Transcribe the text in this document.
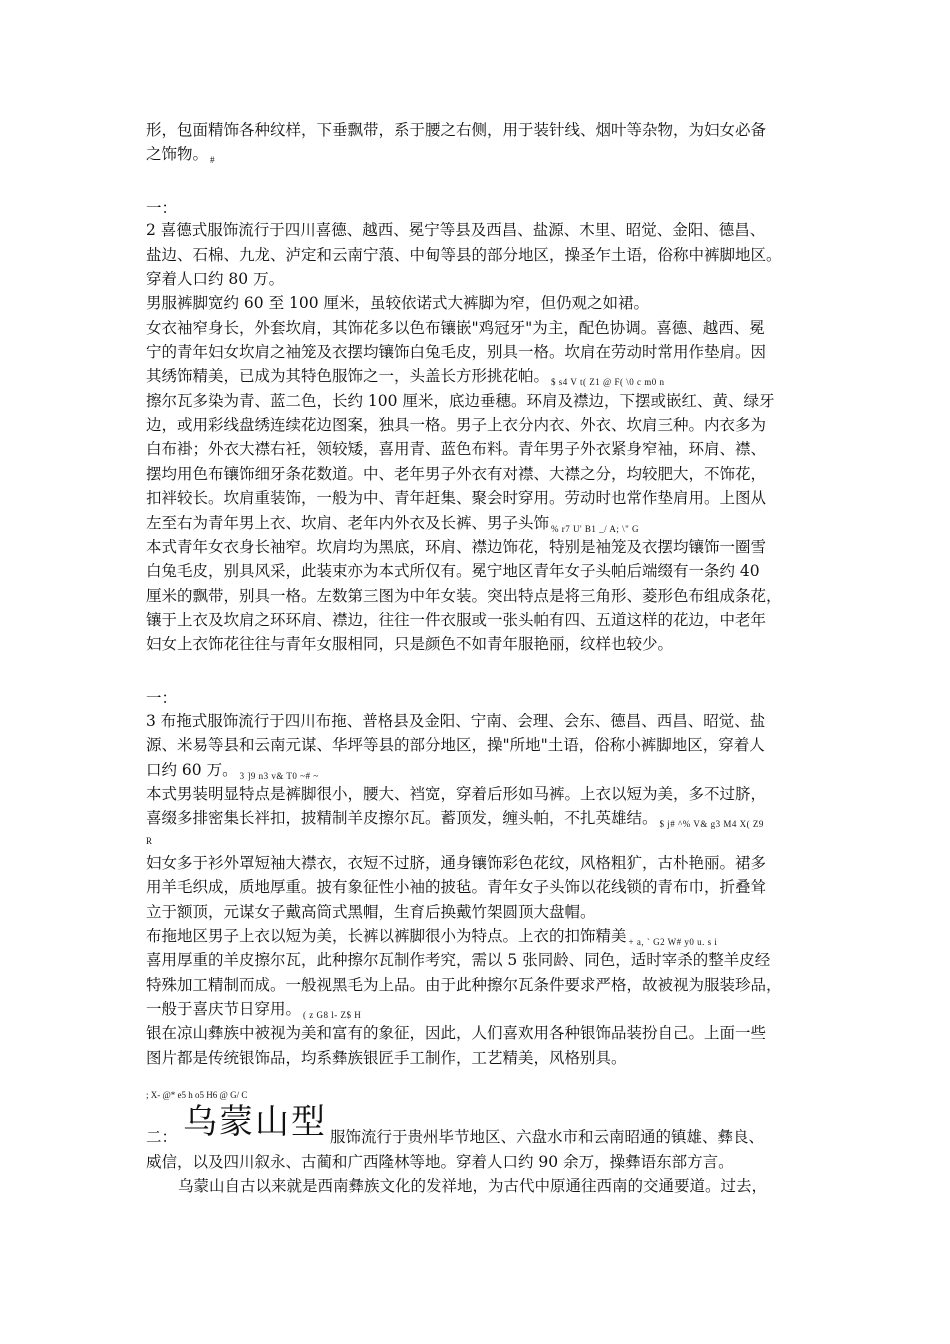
形，包面精饰各种纹样，下垂飘带，系于腰之右侧，用于装针线、烟叶等杂物，为妇女必备
之饰物。 $_{\#}$
一：
2 喜德式服饰流行于四川喜德、越西、冕宁等县及西昌、盐源、木里、昭觉、金阳、德昌、
盐边、石棉、九龙、泸定和云南宁蒗、中甸等县的部分地区，操圣乍土语，俗称中裤脚地区。
穿着人口约 80 万。
男服裤脚宽约 60 至 100 厘米，虽较依诺式大裤脚为窄，但仍观之如裙。
女衣袖窄身长，外套坎肩，其饰花多以色布镶嵌"鸡冠牙"为主，配色协调。喜德、越西、冕
宁的青年妇女坎肩之袖笼及衣摆均镶饰白兔毛皮，别具一格。坎肩在劳动时常用作垫肩。因
其绣饰精美，已成为其特色服饰之一，头盖长方形挑花帕。 $_{\$ s4 V t( Z1 @ F( \backslash 0 c m0 n}$
擦尔瓦多染为青、蓝二色，长约 100 厘米，底边垂穗。环肩及襟边，下摆或嵌红、黄、绿牙
边，或用彩线盘绣连续花边图案，独具一格。男子上衣分内衣、外衣、坎肩三种。内衣多为
白布褂；外衣大襟右衽，领较矮，喜用青、蓝色布料。青年男子外衣紧身窄袖，环肩、襟、
摆均用色布镶饰细牙条花数道。中、老年男子外衣有对襟、大襟之分，均较肥大，不饰花，
扣袢较长。坎肩重装饰，一般为中、青年赶集、聚会时穿用。劳动时也常作垫肩用。上图从
左至右为青年男上衣、坎肩、老年内外衣及长裤、男子头饰 $_{\% r7 U' B1 \_/ A; \backslash" G}$
本式青年女衣身长袖窄。坎肩均为黑底，环肩、襟边饰花，特别是袖笼及衣摆均镶饰一圈雪
白兔毛皮，别具风采，此装束亦为本式所仅有。冕宁地区青年女子头帕后端缀有一条约 40
厘米的飘带，别具一格。左数第三图为中年女装。突出特点是将三角形、菱形色布组成条花，
镶于上衣及坎肩之环环肩、襟边，往往一件衣服或一张头帕有四、五道这样的花边，中老年
妇女上衣饰花往往与青年女服相同，只是颜色不如青年服艳丽，纹样也较少。
一：
3 布拖式服饰流行于四川布拖、普格县及金阳、宁南、会理、会东、德昌、西昌、昭觉、盐
源、米易等县和云南元谋、华坪等县的部分地区，操"所地"土语，俗称小裤脚地区，穿着人
口约 60 万。 $_{3 ]9 n3 v\& T0 \sim\# \sim}$
本式男装明显特点是裤脚很小，腰大、裆宽，穿着后形如马裤。上衣以短为美，多不过脐，
喜缀多排密集长袢扣，披精制羊皮擦尔瓦。蓄顶发，缠头帕，不扎英雄结。 $_{\$ j\# \^{}\% V\& g3 M4 X( Z9}$
R
妇女多于衫外罩短袖大襟衣，衣短不过脐，通身镶饰彩色花纹，风格粗犷，古朴艳丽。裙多
用羊毛织成，质地厚重。披有象征性小袖的披毡。青年女子头饰以花线锁的青布巾，折叠耸
立于额顶，元谋女子戴高筒式黑帽，生育后换戴竹架圆顶大盘帽。
布拖地区男子上衣以短为美，长裤以裤脚很小为特点。上衣的扣饰精美 $_{+ a, ` G2 W\# y0 u. s i}$
喜用厚重的羊皮擦尔瓦，此种擦尔瓦制作考究，需以 5 张同龄、同色，适时宰杀的整羊皮经
特殊加工精制而成。一般视黑毛为上品。由于此种擦尔瓦条件要求严格，故被视为服装珍品，
一般于喜庆节日穿用。 $_{( z G8 l- Z\$ H}$
银在凉山彝族中被视为美和富有的象征，因此，人们喜欢用各种银饰品装扮自己。上面一些
图片都是传统银饰品，均系彝族银匠手工制作，工艺精美，风格别具。
; X- @* e5 h o5 H6 @ G/ C
乌蒙山型
二：	服饰流行于贵州毕节地区、六盘水市和云南昭通的镇雄、彝良、
威信，以及四川叙永、古蔺和广西隆林等地。穿着人口约 90 余万，操彝语东部方言。
乌蒙山自古以来就是西南彝族文化的发祥地，为古代中原通往西南的交通要道。过去，
